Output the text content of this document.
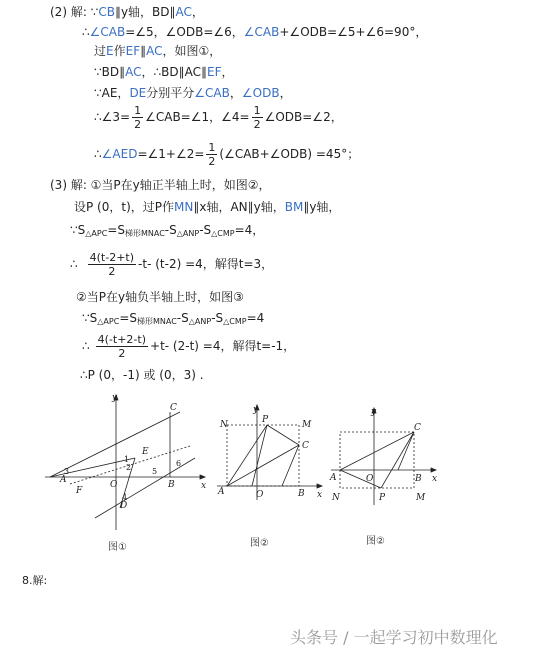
(2) 解: ∵CB∥y轴，BD∥AC，
∴∠CAB=∠5，∠ODB=∠6，∠CAB+∠ODB=∠5+∠6=90°，
过E作EF∥AC，如图①，
∵BD∥AC，∴BD∥AC∥EF，
∵AE，DE分别平分∠CAB，∠ODB，
∴∠3= $\frac{1}{2}$ ∠CAB=∠1，∠4= $\frac{1}{2}$ ∠ODB=∠2，
∴∠AED=∠1+∠2= $\frac{1}{2}$ (∠CAB+∠ODB) =45°；
(3) 解: ①当P在y轴正半轴上时，如图②，
设P (0，t)，过P作MN∥x轴，AN∥y轴，BM∥y轴，
$\because S_{\triangle APC}=S_{梯形MNAC}-S_{\triangle ANP}-S_{\triangle CMP}=4$，
∴ $\frac{4(t-2+t)}{2} -t-$ (t-2) =4，解得t=3，
②当P在y轴负半轴上时，如图③
$\because S_{\triangle APC}=S_{梯形MNAC}-S_{\triangle ANP}-S_{\triangle CMP}=4$
∴ $\frac{4(-t+2-t)}{2} +t-$ (2-t) =4，解得t=-1，
∴P (0，-1) 或 (0，3) .
y
x
C
E
A
F
O	B
D
1
2
3
4
5
6
图①
y
x
N	P	M
C
A	O	B
图②
y
x
C
A	O	B
N	P	M
图②
8.解:
头条号 / 一起学习初中数理化
